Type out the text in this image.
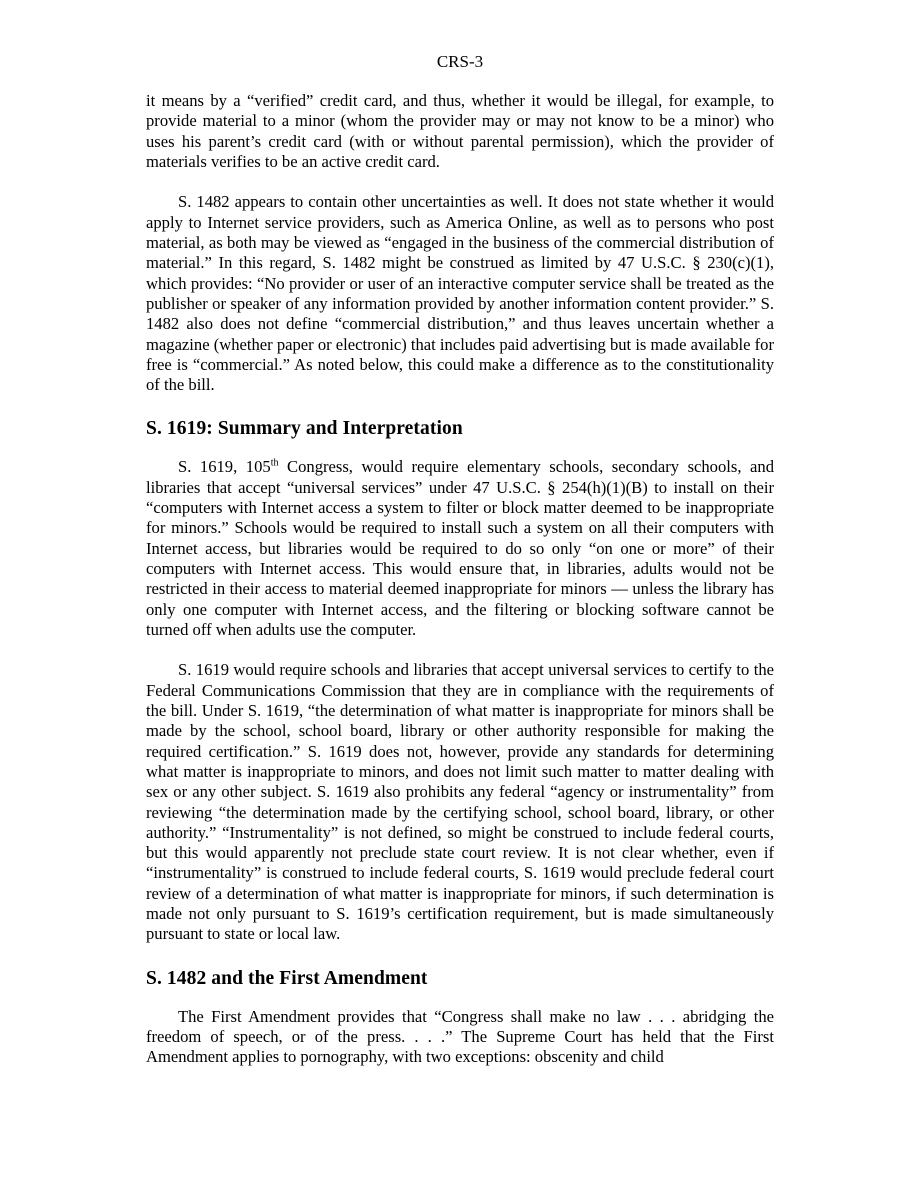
CRS-3

it means by a “verified” credit card, and thus, whether it would be illegal, for example, to provide material to a minor (whom the provider may or may not know to be a minor) who uses his parent’s credit card (with or without parental permission), which the provider of materials verifies to be an active credit card.

S. 1482 appears to contain other uncertainties as well. It does not state whether it would apply to Internet service providers, such as America Online, as well as to persons who post material, as both may be viewed as “engaged in the business of the commercial distribution of material.” In this regard, S. 1482 might be construed as limited by 47 U.S.C. § 230(c)(1), which provides: “No provider or user of an interactive computer service shall be treated as the publisher or speaker of any information provided by another information content provider.” S. 1482 also does not define “commercial distribution,” and thus leaves uncertain whether a magazine (whether paper or electronic) that includes paid advertising but is made available for free is “commercial.” As noted below, this could make a difference as to the constitutionality of the bill.

S. 1619: Summary and Interpretation

S. 1619, 105th Congress, would require elementary schools, secondary schools, and libraries that accept “universal services” under 47 U.S.C. § 254(h)(1)(B) to install on their “computers with Internet access a system to filter or block matter deemed to be inappropriate for minors.” Schools would be required to install such a system on all their computers with Internet access, but libraries would be required to do so only “on one or more” of their computers with Internet access. This would ensure that, in libraries, adults would not be restricted in their access to material deemed inappropriate for minors — unless the library has only one computer with Internet access, and the filtering or blocking software cannot be turned off when adults use the computer.

S. 1619 would require schools and libraries that accept universal services to certify to the Federal Communications Commission that they are in compliance with the requirements of the bill. Under S. 1619, “the determination of what matter is inappropriate for minors shall be made by the school, school board, library or other authority responsible for making the required certification.” S. 1619 does not, however, provide any standards for determining what matter is inappropriate to minors, and does not limit such matter to matter dealing with sex or any other subject. S. 1619 also prohibits any federal “agency or instrumentality” from reviewing “the determination made by the certifying school, school board, library, or other authority.” “Instrumentality” is not defined, so might be construed to include federal courts, but this would apparently not preclude state court review. It is not clear whether, even if “instrumentality” is construed to include federal courts, S. 1619 would preclude federal court review of a determination of what matter is inappropriate for minors, if such determination is made not only pursuant to S. 1619’s certification requirement, but is made simultaneously pursuant to state or local law.

S. 1482 and the First Amendment

The First Amendment provides that “Congress shall make no law . . . abridging the freedom of speech, or of the press. . . .” The Supreme Court has held that the First Amendment applies to pornography, with two exceptions: obscenity and child
